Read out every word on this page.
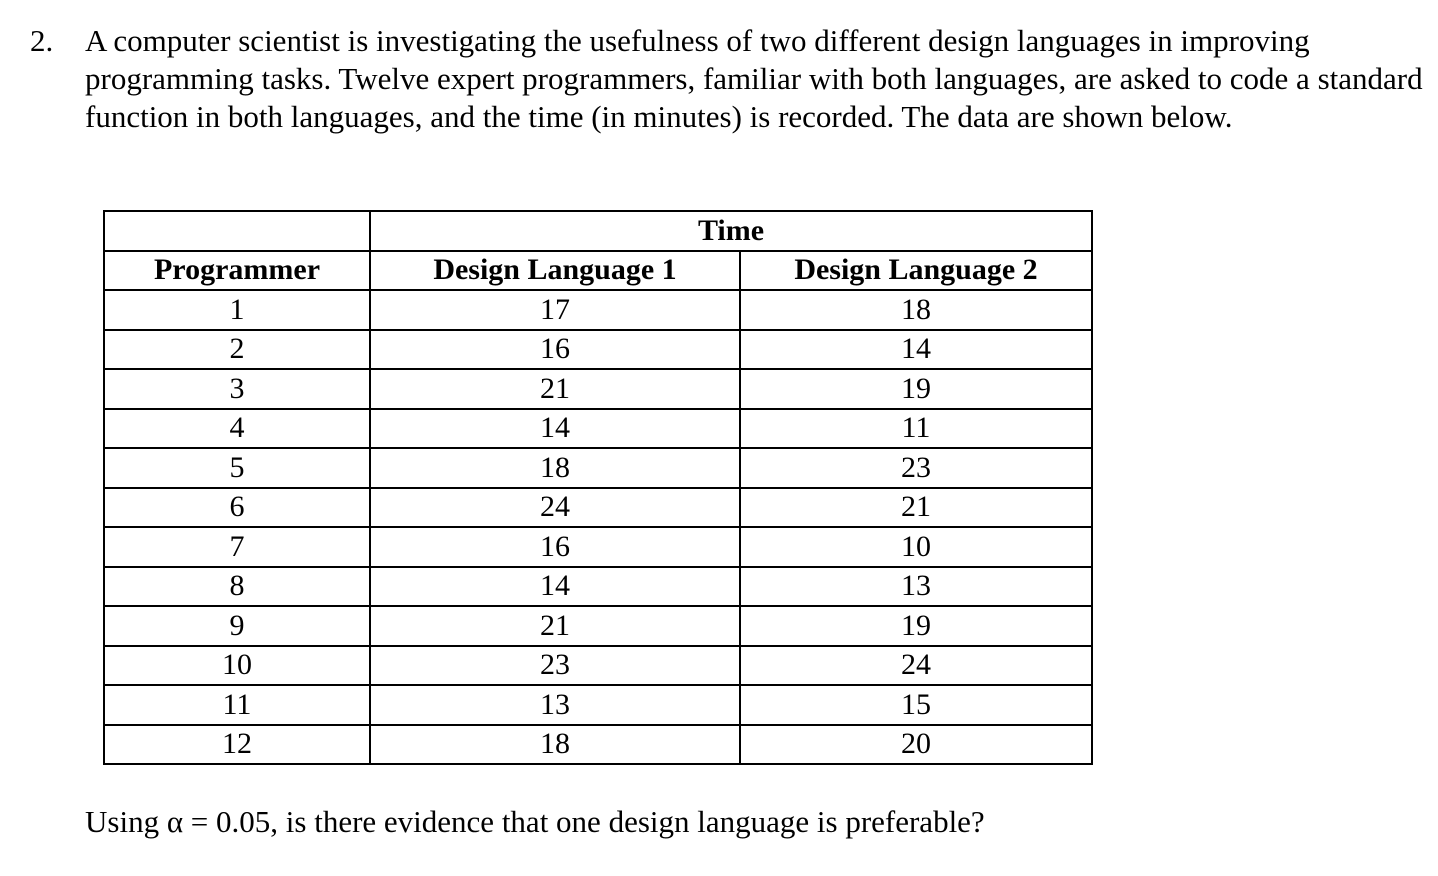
2. A computer scientist is investigating the usefulness of two different design languages in improving programming tasks. Twelve expert programmers, familiar with both languages, are asked to code a standard function in both languages, and the time (in minutes) is recorded. The data are shown below.
	Time	
Programmer	Design Language 1	Design Language 2
1	17	18
2	16	14
3	21	19
4	14	11
5	18	23
6	24	21
7	16	10
8	14	13
9	21	19
10	23	24
11	13	15
12	18	20
Using α = 0.05, is there evidence that one design language is preferable?
